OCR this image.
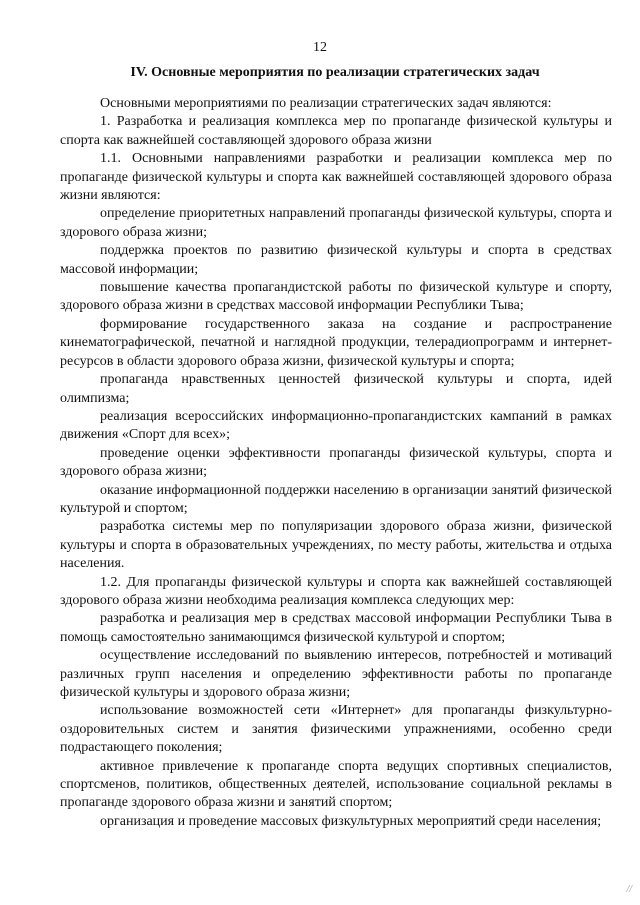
12
IV. Основные мероприятия по реализации стратегических задач

Основными мероприятиями по реализации стратегических задач являются:

1. Разработка и реализация комплекса мер по пропаганде физической культуры и спорта как важнейшей составляющей здорового образа жизни

1.1. Основными направлениями разработки и реализации комплекса мер по пропаганде физической культуры и спорта как важнейшей составляющей здорового образа жизни являются:

определение приоритетных направлений пропаганды физической культуры, спорта и здорового образа жизни;

поддержка проектов по развитию физической культуры и спорта в средствах массовой информации;

повышение качества пропагандистской работы по физической культуре и спорту, здорового образа жизни в средствах массовой информации Республики Тыва;

формирование государственного заказа на создание и распространение кинематографической, печатной и наглядной продукции, телерадиопрограмм и интернет-ресурсов в области здорового образа жизни, физической культуры и спорта;

пропаганда нравственных ценностей физической культуры и спорта, идей олимпизма;

реализация всероссийских информационно-пропагандистских кампаний в рамках движения «Спорт для всех»;

проведение оценки эффективности пропаганды физической культуры, спорта и здорового образа жизни;

оказание информационной поддержки населению в организации занятий физической культурой и спортом;

разработка системы мер по популяризации здорового образа жизни, физической культуры и спорта в образовательных учреждениях, по месту работы, жительства и отдыха населения.

1.2. Для пропаганды физической культуры и спорта как важнейшей составляющей здорового образа жизни необходима реализация комплекса следующих мер:

разработка и реализация мер в средствах массовой информации Республики Тыва в помощь самостоятельно занимающимся физической культурой и спортом;

осуществление исследований по выявлению интересов, потребностей и мотиваций различных групп населения и определению эффективности работы по пропаганде физической культуры и здорового образа жизни;

использование возможностей сети «Интернет» для пропаганды физкультурно-оздоровительных систем и занятия физическими упражнениями, особенно среди подрастающего поколения;

активное привлечение к пропаганде спорта ведущих спортивных специалистов, спортсменов, политиков, общественных деятелей, использование социальной рекламы в пропаганде здорового образа жизни и занятий спортом;

организация и проведение массовых физкультурных мероприятий среди населения;

//
